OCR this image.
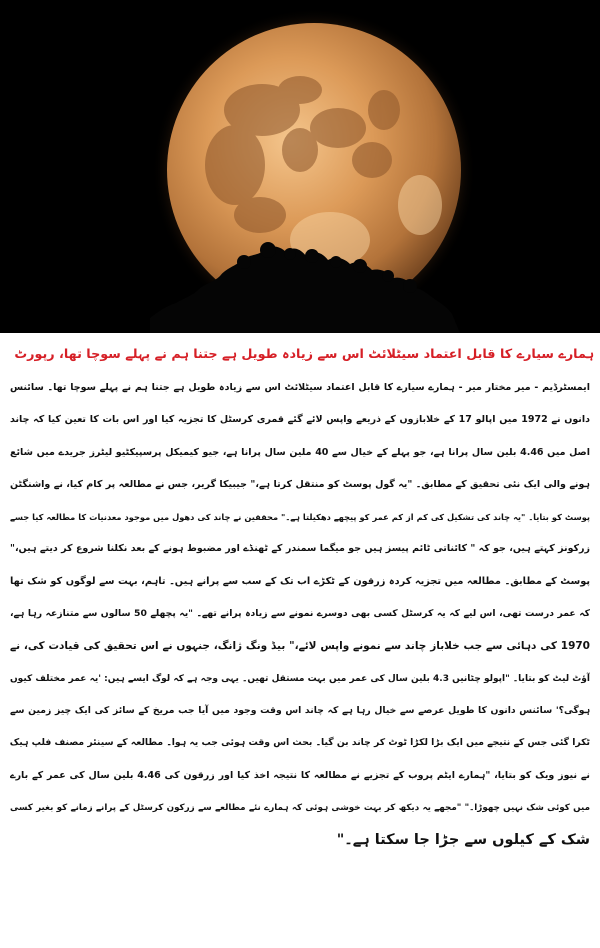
ہمارے سیارے کا قابل اعتماد سیٹلائٹ اس سے زیادہ طویل ہے جتنا ہم نے پہلے سوچا تھا، رپورٹ
ایمسٹرڈیم - میر مختار میر - ہمارے سیارے کا قابل اعتماد سیٹلائٹ اس سے زیادہ طویل ہے جتنا ہم نے پہلے سوچا تھا۔ سائنس
دانوں نے 1972 میں اپالو 17 کے خلابازوں کے ذریعے واپس لائے گئے قمری کرسٹل کا تجزیہ کیا اور اس بات کا تعین کیا کہ چاند
اصل میں 4.46 بلین سال پرانا ہے، جو پہلے کے خیال سے 40 ملین سال پرانا ہے، جیو کیمیکل پرسپیکٹیو لیٹرز جریدے میں شائع
ہونے والی ایک نئی تحقیق کے مطابق۔ "یہ گول پوسٹ کو منتقل کرتا ہے،" جیبیکا گریر، جس نے مطالعہ پر کام کیا، نے واشنگٹن
پوسٹ کو بتایا۔ "یہ چاند کی تشکیل کی کم از کم عمر کو پیچھے دھکیلتا ہے۔" محققین نے چاند کی دھول میں موجود معدنیات کا مطالعہ کیا جسے
زرکونز کہتے ہیں، جو کہ " کائناتی ٹائم پیسز ہیں جو میگما سمندر کے ٹھنڈے اور مضبوط ہونے کے بعد نکلنا شروع کر دیتے ہیں،"
پوسٹ کے مطابق۔ مطالعہ میں تجزیہ کردہ زرقون کے ٹکڑے اب تک کے سب سے پرانے ہیں۔ تاہم، بہت سے لوگوں کو شک تھا
کہ عمر درست تھی، اس لیے کہ یہ کرسٹل کسی بھی دوسرے نمونے سے زیادہ پرانے تھے۔ "یہ پچھلے 50 سالوں سے متنازعہ رہا ہے،
1970 کی دہائی سے جب خلاباز چاند سے نمونے واپس لائے،" بیڈ ونگ ژانگ، جنہوں نے اس تحقیق کی قیادت کی، نے
آؤٹ لیٹ کو بتایا۔ "اپولو چٹانیں 4.3 بلین سال کی عمر میں بہت مستقل تھیں۔ یہی وجہ ہے کہ لوگ ایسے ہیں: 'یہ عمر مختلف کیوں
ہوگی؟' سائنس دانوں کا طویل عرصے سے خیال رہا ہے کہ چاند اس وقت وجود میں آیا جب مریخ کے سائز کی ایک چیز زمین سے
ٹکرا گئی جس کے نتیجے میں ایک بڑا لکڑا ٹوٹ کر چاند بن گیا۔ بحث اس وقت ہوئی جب یہ ہوا۔ مطالعہ کے سینئر مصنف فلپ ہیک
نے نیوز ویک کو بتایا، "ہمارے ایٹم پروب کے تجزیے نے مطالعہ کا نتیجہ اخذ کیا اور زرقون کی 4.46 بلین سال کی عمر کے بارے
میں کوئی شک نہیں چھوڑا۔" "مجھے یہ دیکھ کر بہت خوشی ہوئی کہ ہمارے نئے مطالعے سے زرکون کرسٹل کے پرانے زمانے کو بغیر کسی
شک کے کیلوں سے جڑا جا سکتا ہے۔"
